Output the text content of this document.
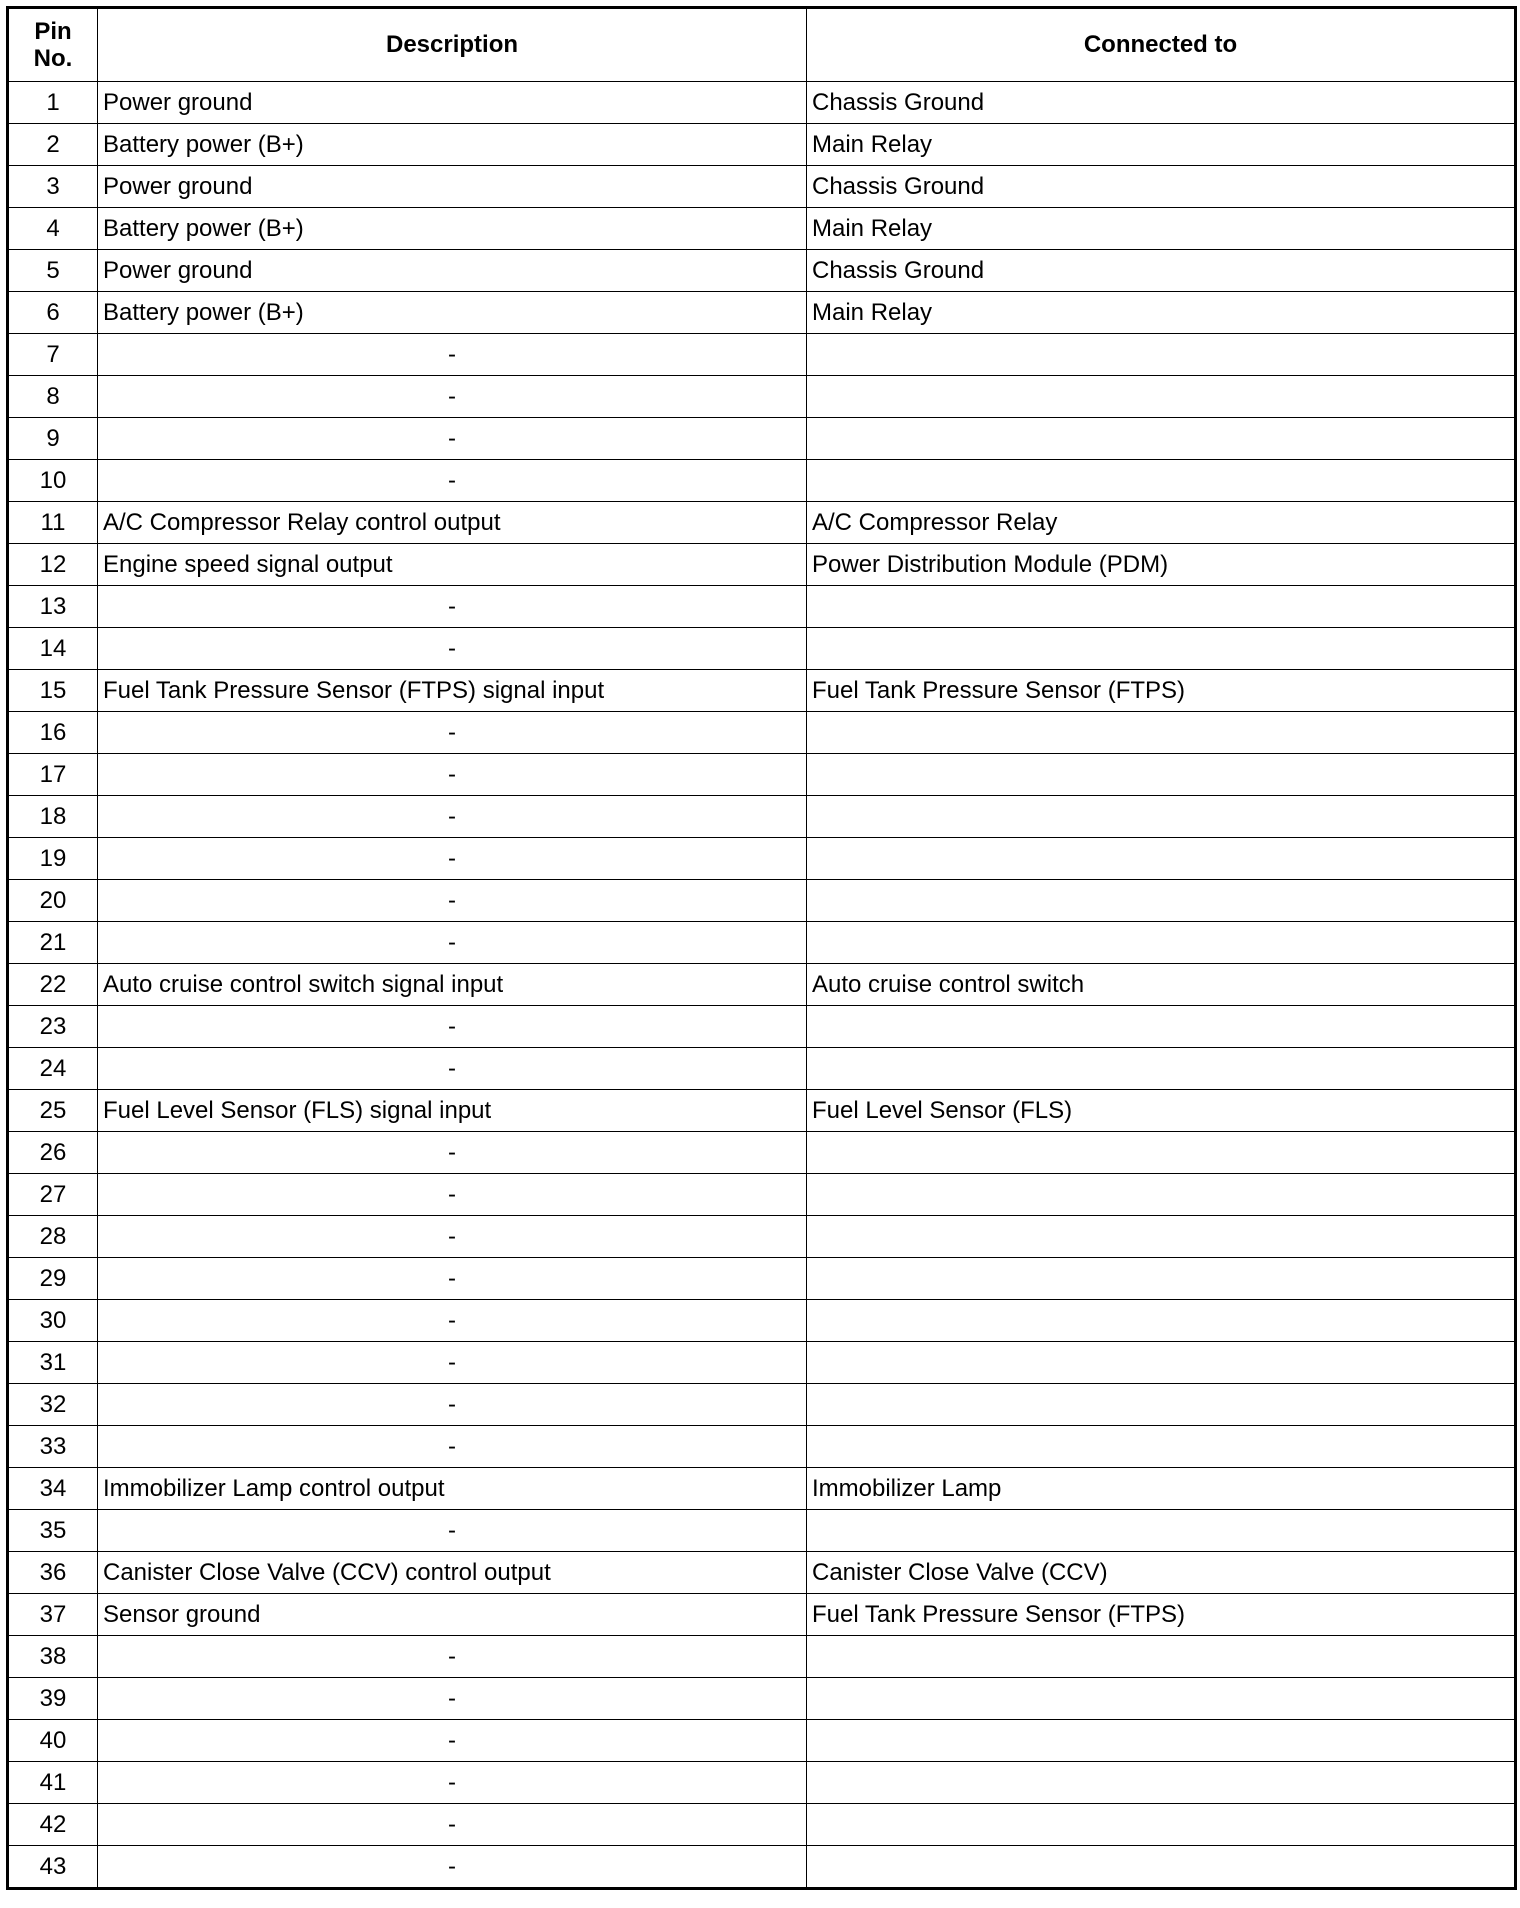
Pin
No.	Description	Connected to
1	Power ground	Chassis Ground
2	Battery power (B+)	Main Relay
3	Power ground	Chassis Ground
4	Battery power (B+)	Main Relay
5	Power ground	Chassis Ground
6	Battery power (B+)	Main Relay
7	-	
8	-	
9	-	
10	-	
11	A/C Compressor Relay control output	A/C Compressor Relay
12	Engine speed signal output	Power Distribution Module (PDM)
13	-	
14	-	
15	Fuel Tank Pressure Sensor (FTPS) signal input	Fuel Tank Pressure Sensor (FTPS)
16	-	
17	-	
18	-	
19	-	
20	-	
21	-	
22	Auto cruise control switch signal input	Auto cruise control switch
23	-	
24	-	
25	Fuel Level Sensor (FLS) signal input	Fuel Level Sensor (FLS)
26	-	
27	-	
28	-	
29	-	
30	-	
31	-	
32	-	
33	-	
34	Immobilizer Lamp control output	Immobilizer Lamp
35	-	
36	Canister Close Valve (CCV) control output	Canister Close Valve (CCV)
37	Sensor ground	Fuel Tank Pressure Sensor (FTPS)
38	-	
39	-	
40	-	
41	-	
42	-	
43	-	
